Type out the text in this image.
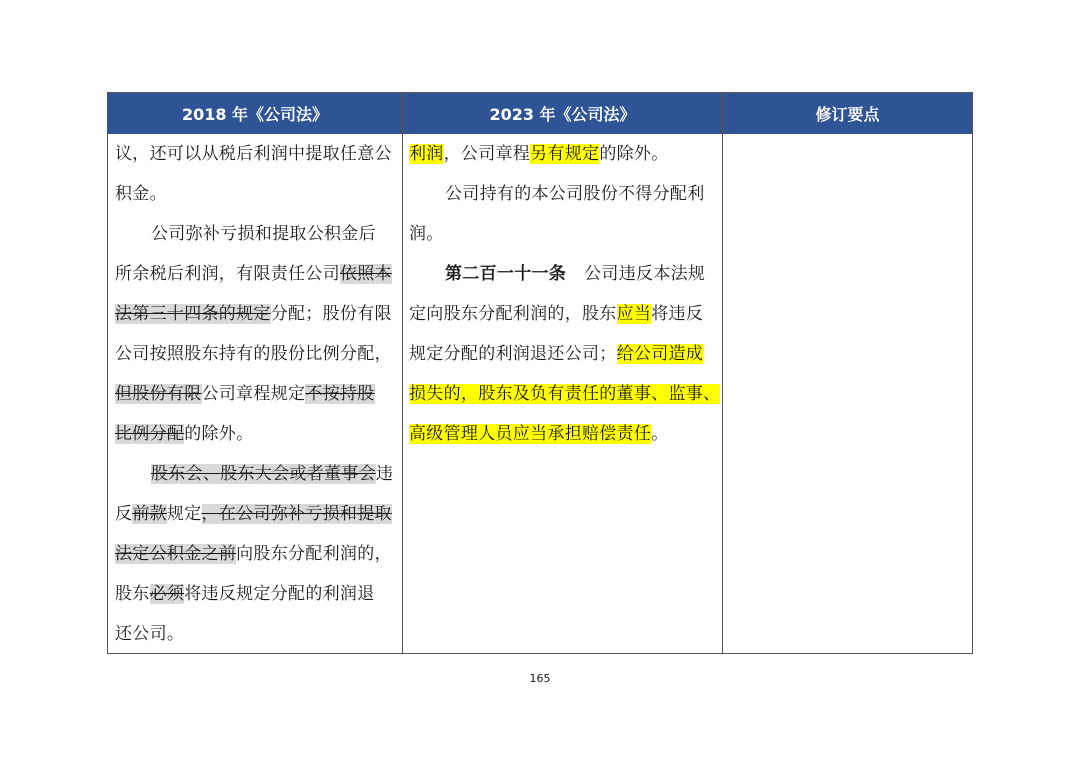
2018 年《公司法》	2023 年《公司法》	修订要点
议，还可以从税后利润中提取任意公
积金。
公司弥补亏损和提取公积金后
所余税后利润，有限责任公司依照本
法第三十四条的规定分配；股份有限
公司按照股东持有的股份比例分配，
但股份有限公司章程规定不按持股
比例分配的除外。
股东会、股东大会或者董事会违
反前款规定，在公司弥补亏损和提取
法定公积金之前向股东分配利润的，
股东必须将违反规定分配的利润退
还公司。
利润，公司章程另有规定的除外。
公司持有的本公司股份不得分配利
润。
第二百一十一条 公司违反本法规
定向股东分配利润的，股东应当将违反
规定分配的利润退还公司；给公司造成
损失的，股东及负有责任的董事、监事、
高级管理人员应当承担赔偿责任。
165
